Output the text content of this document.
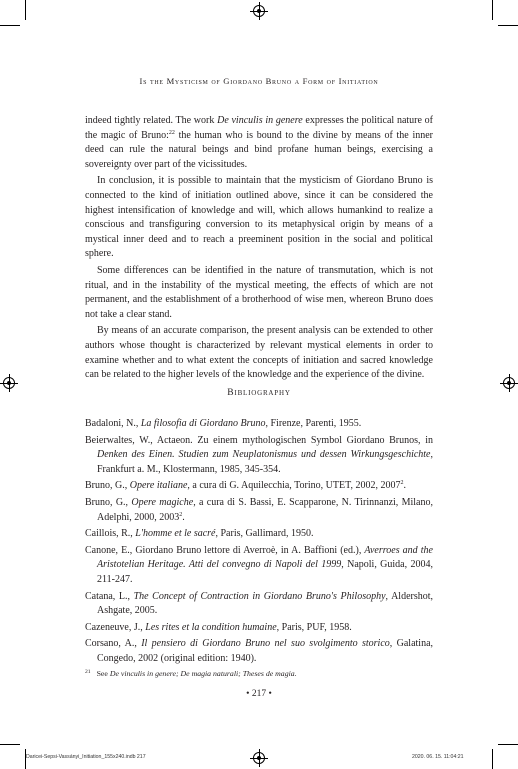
Is the Mysticism of Giordano Bruno a Form of Initiation

indeed tightly related. The work De vinculis in genere expresses the political nature of the magic of Bruno:$^{22}$ the human who is bound to the divine by means of the inner deed can rule the natural beings and bind profane human beings, exercising a sovereignty over part of the vicissitudes.

In conclusion, it is possible to maintain that the mysticism of Giordano Bruno is connected to the kind of initiation outlined above, since it can be considered the highest intensification of knowledge and will, which allows humankind to realize a conscious and transfiguring conversion to its metaphysical origin by means of a mystical inner deed and to reach a preeminent position in the social and political sphere.

Some differences can be identified in the nature of transmutation, which is not ritual, and in the instability of the mystical meeting, the effects of which are not permanent, and the establishment of a brotherhood of wise men, whereon Bruno does not take a clear stand.

By means of an accurate comparison, the present analysis can be extended to other authors whose thought is characterized by relevant mystical elements in order to examine whether and to what extent the concepts of initiation and sacred knowledge can be related to the higher levels of the knowledge and the experience of the divine.

Bibliography
Badaloni, N., La filosofia di Giordano Bruno, Firenze, Parenti, 1955.
Beierwaltes, W., Actaeon. Zu einem mythologischen Symbol Giordano Brunos, in Denken des Einen. Studien zum Neuplatonismus und dessen Wirkungsgeschichte, Frankfurt a. M., Klostermann, 1985, 345-354.
Bruno, G., Opere italiane, a cura di G. Aquilecchia, Torino, UTET, 2002, 2007$^2$.
Bruno, G., Opere magiche, a cura di S. Bassi, E. Scapparone, N. Tirinnanzi, Milano, Adelphi, 2000, 2003$^2$.
Caillois, R., L'homme et le sacré, Paris, Gallimard, 1950.
Canone, E., Giordano Bruno lettore di Averroè, in A. Baffioni (ed.), Averroes and the Aristotelian Heritage. Atti del convegno di Napoli del 1999, Napoli, Guida, 2004, 211-247.
Catana, L., The Concept of Contraction in Giordano Bruno's Philosophy, Aldershot, Ashgate, 2005.
Cazeneuve, J., Les rites et la condition humaine, Paris, PUF, 1958.
Corsano, A., Il pensiero di Giordano Bruno nel suo svolgimento storico, Galatina, Congedo, 2002 (original edition: 1940).
$^{21}$ See De vinculis in genere; De magia naturali; Theses de magia.
• 217 •
Daricei-Sepsi-Vassányi_Initiation_155x240.indb 217	2020. 06. 15. 11:04:21
